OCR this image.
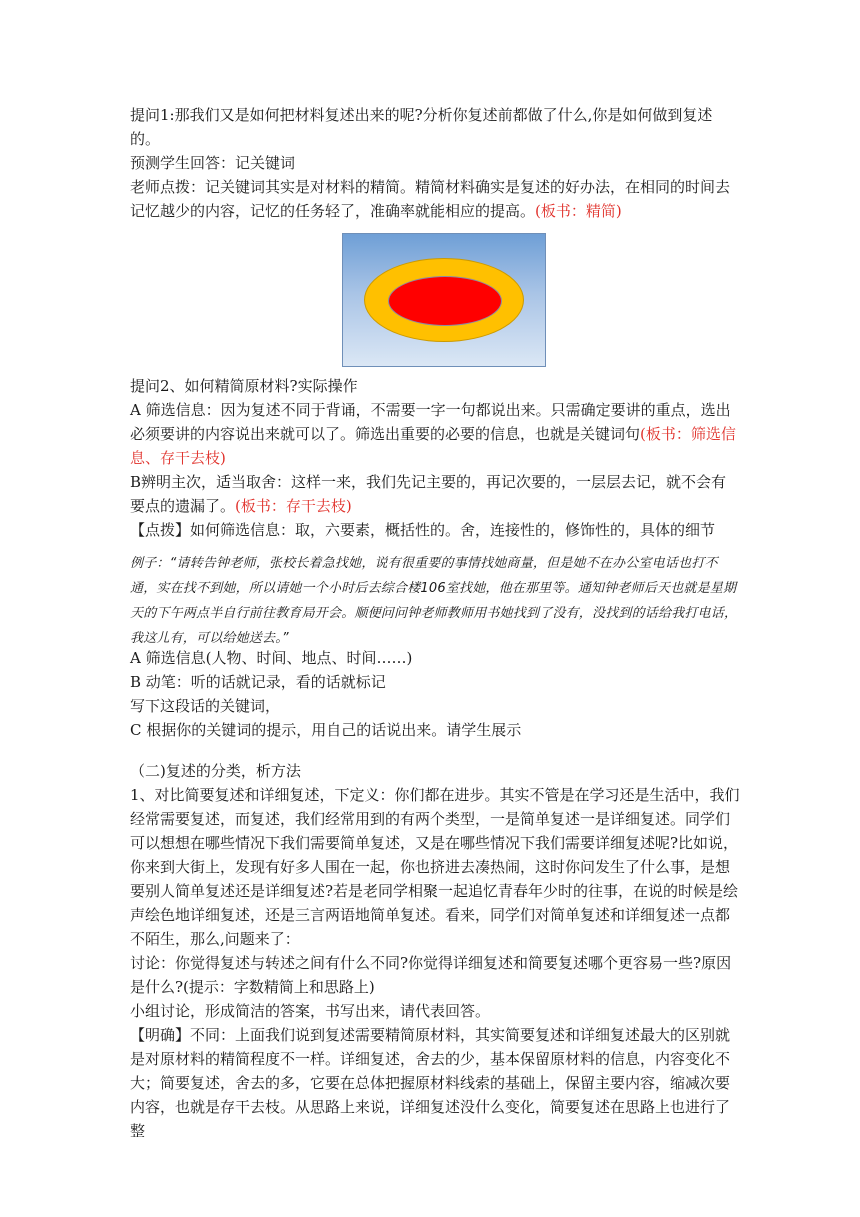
提问1:那我们又是如何把材料复述出来的呢?分析你复述前都做了什么,你是如何做到复述的。

预测学生回答：记关键词

老师点拨：记关键词其实是对材料的精简。精简材料确实是复述的好办法，在相同的时间去记忆越少的内容，记忆的任务轻了，准确率就能相应的提高。(板书：精简)

提问2、如何精简原材料?实际操作

A 筛选信息：因为复述不同于背诵，不需要一字一句都说出来。只需确定要讲的重点，选出必须要讲的内容说出来就可以了。筛选出重要的必要的信息，也就是关键词句(板书：筛选信息、存干去枝)

B辨明主次，适当取舍：这样一来，我们先记主要的，再记次要的，一层层去记，就不会有要点的遗漏了。(板书：存干去枝)

【点拨】如何筛选信息：取，六要素，概括性的。舍，连接性的，修饰性的，具体的细节

例子：“请转告钟老师，张校长着急找她，说有很重要的事情找她商量，但是她不在办公室电话也打不通，实在找不到她，所以请她一个小时后去综合楼106室找她，他在那里等。通知钟老师后天也就是星期天的下午两点半自行前往教育局开会。顺便问问钟老师教师用书她找到了没有，没找到的话给我打电话，我这儿有，可以给她送去。”

A 筛选信息(人物、时间、地点、时间……)

B 动笔：听的话就记录，看的话就标记

写下这段话的关键词，

C 根据你的关键词的提示，用自己的话说出来。请学生展示

（二)复述的分类，析方法

1、对比简要复述和详细复述，下定义：你们都在进步。其实不管是在学习还是生活中，我们经常需要复述，而复述，我们经常用到的有两个类型，一是简单复述一是详细复述。同学们可以想想在哪些情况下我们需要简单复述，又是在哪些情况下我们需要详细复述呢?比如说，你来到大街上，发现有好多人围在一起，你也挤进去凑热闹，这时你问发生了什么事，是想要别人简单复述还是详细复述?若是老同学相聚一起追忆青春年少时的往事，在说的时候是绘声绘色地详细复述，还是三言两语地简单复述。看来，同学们对简单复述和详细复述一点都不陌生，那么,问题来了：

讨论：你觉得复述与转述之间有什么不同?你觉得详细复述和简要复述哪个更容易一些?原因是什么?(提示：字数精简上和思路上)

小组讨论，形成简洁的答案，书写出来，请代表回答。

【明确】不同：上面我们说到复述需要精简原材料，其实简要复述和详细复述最大的区别就是对原材料的精简程度不一样。详细复述，舍去的少，基本保留原材料的信息，内容变化不大；简要复述，舍去的多，它要在总体把握原材料线索的基础上，保留主要内容，缩减次要内容，也就是存干去枝。从思路上来说，详细复述没什么变化，简要复述在思路上也进行了整
